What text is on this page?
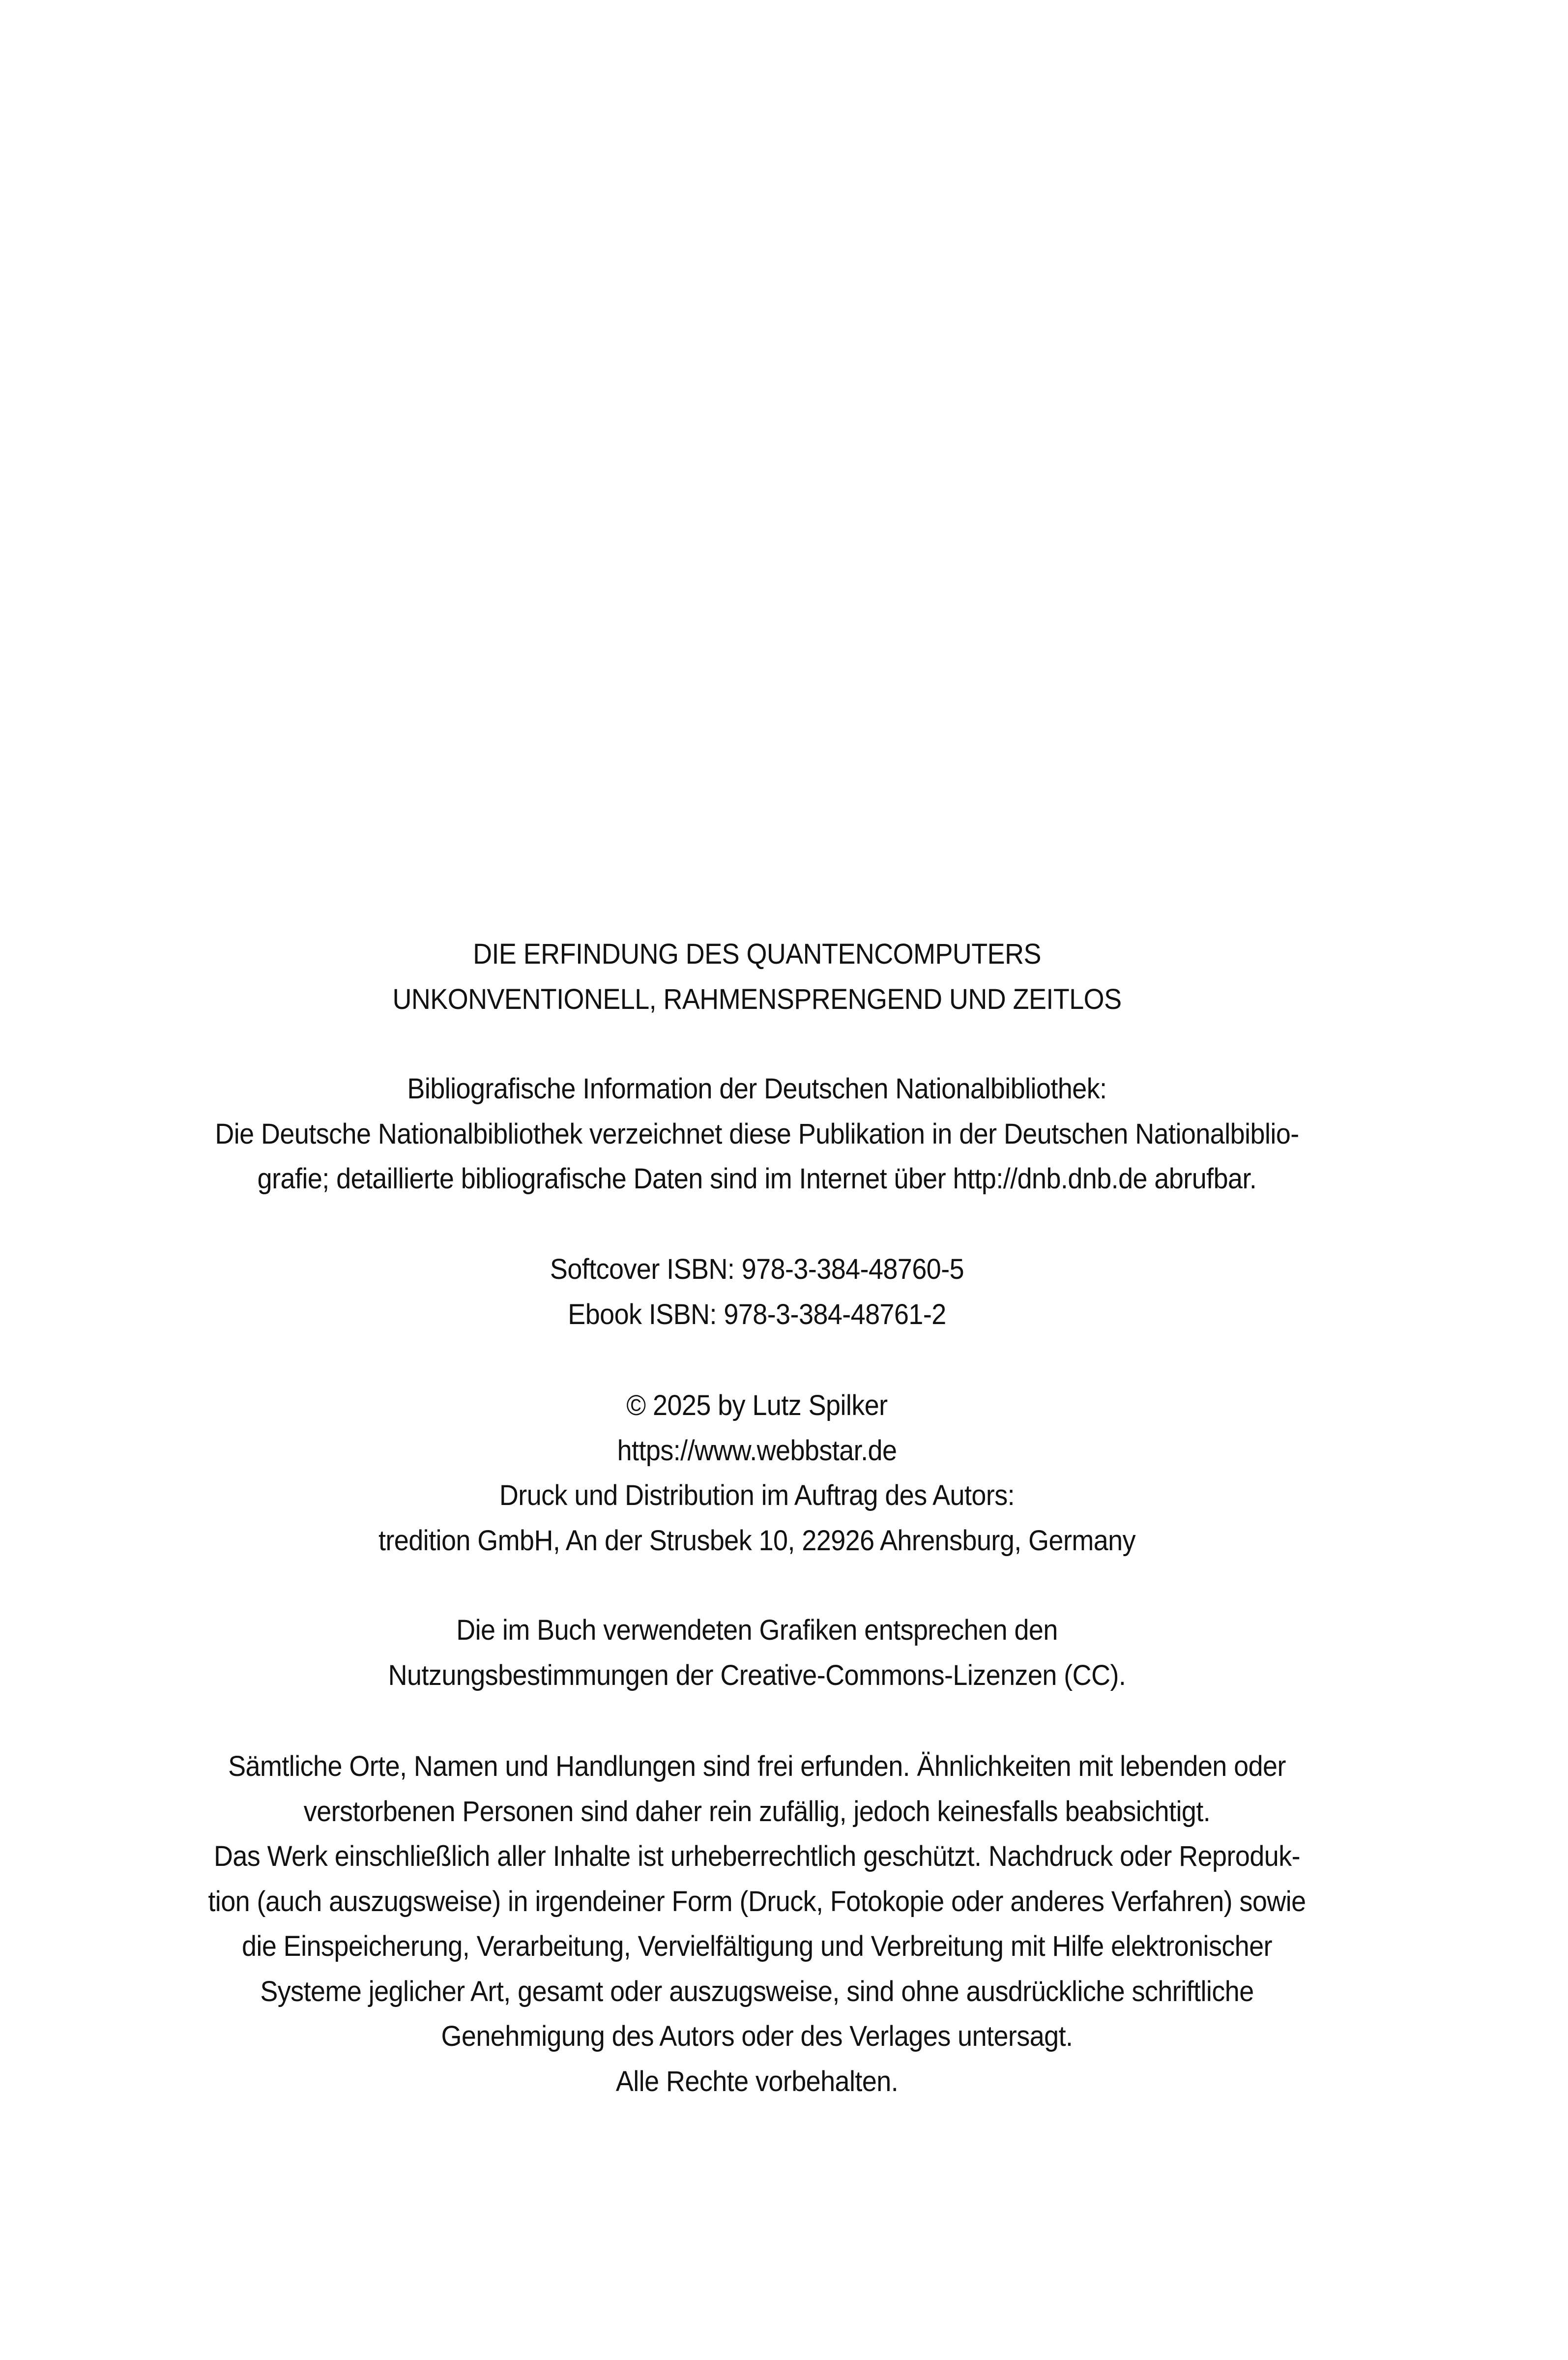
DIE ERFINDUNG DES QUANTENCOMPUTERS
UNKONVENTIONELL, RAHMENSPRENGEND UND ZEITLOS
Bibliografische Information der Deutschen Nationalbibliothek:
Die Deutsche Nationalbibliothek verzeichnet diese Publikation in der Deutschen Nationalbiblio-
grafie; detaillierte bibliografische Daten sind im Internet über http://dnb.dnb.de abrufbar.
Softcover ISBN: 978-3-384-48760-5
Ebook ISBN: 978-3-384-48761-2
© 2025 by Lutz Spilker
https://www.webbstar.de
Druck und Distribution im Auftrag des Autors:
tredition GmbH, An der Strusbek 10, 22926 Ahrensburg, Germany
Die im Buch verwendeten Grafiken entsprechen den
Nutzungsbestimmungen der Creative-Commons-Lizenzen (CC).
Sämtliche Orte, Namen und Handlungen sind frei erfunden. Ähnlichkeiten mit lebenden oder
verstorbenen Personen sind daher rein zufällig, jedoch keinesfalls beabsichtigt.
Das Werk einschließlich aller Inhalte ist urheberrechtlich geschützt. Nachdruck oder Reproduk-
tion (auch auszugsweise) in irgendeiner Form (Druck, Fotokopie oder anderes Verfahren) sowie
die Einspeicherung, Verarbeitung, Vervielfältigung und Verbreitung mit Hilfe elektronischer
Systeme jeglicher Art, gesamt oder auszugsweise, sind ohne ausdrückliche schriftliche
Genehmigung des Autors oder des Verlages untersagt.
Alle Rechte vorbehalten.
